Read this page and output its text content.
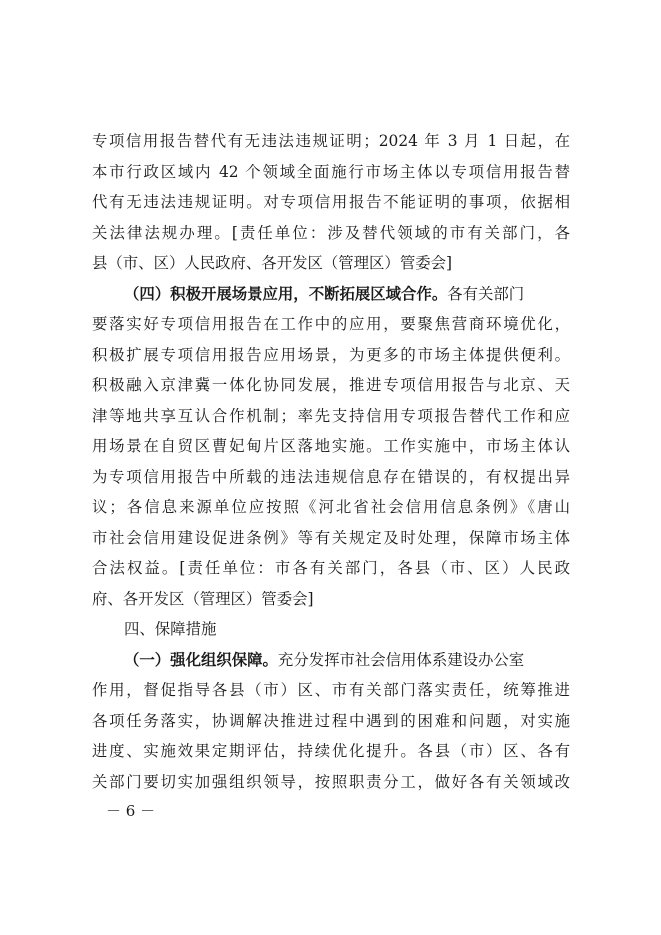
专项信用报告替代有无违法违规证明；2024 年 3 月 1 日起，在
本市行政区域内 42 个领域全面施行市场主体以专项信用报告替
代有无违法违规证明。对专项信用报告不能证明的事项，依据相
关法律法规办理。[责任单位：涉及替代领域的市有关部门，各
县（市、区）人民政府、各开发区（管理区）管委会]
（四）积极开展场景应用，不断拓展区域合作。各有关部门
要落实好专项信用报告在工作中的应用，要聚焦营商环境优化，
积极扩展专项信用报告应用场景，为更多的市场主体提供便利。
积极融入京津冀一体化协同发展，推进专项信用报告与北京、天
津等地共享互认合作机制；率先支持信用专项报告替代工作和应
用场景在自贸区曹妃甸片区落地实施。工作实施中，市场主体认
为专项信用报告中所载的违法违规信息存在错误的，有权提出异
议；各信息来源单位应按照《河北省社会信用信息条例》《唐山
市社会信用建设促进条例》等有关规定及时处理，保障市场主体
合法权益。[责任单位：市各有关部门，各县（市、区）人民政
府、各开发区（管理区）管委会]
四、保障措施
（一）强化组织保障。充分发挥市社会信用体系建设办公室
作用，督促指导各县（市）区、市有关部门落实责任，统筹推进
各项任务落实，协调解决推进过程中遇到的困难和问题，对实施
进度、实施效果定期评估，持续优化提升。各县（市）区、各有
关部门要切实加强组织领导，按照职责分工，做好各有关领域改
－ 6 －
